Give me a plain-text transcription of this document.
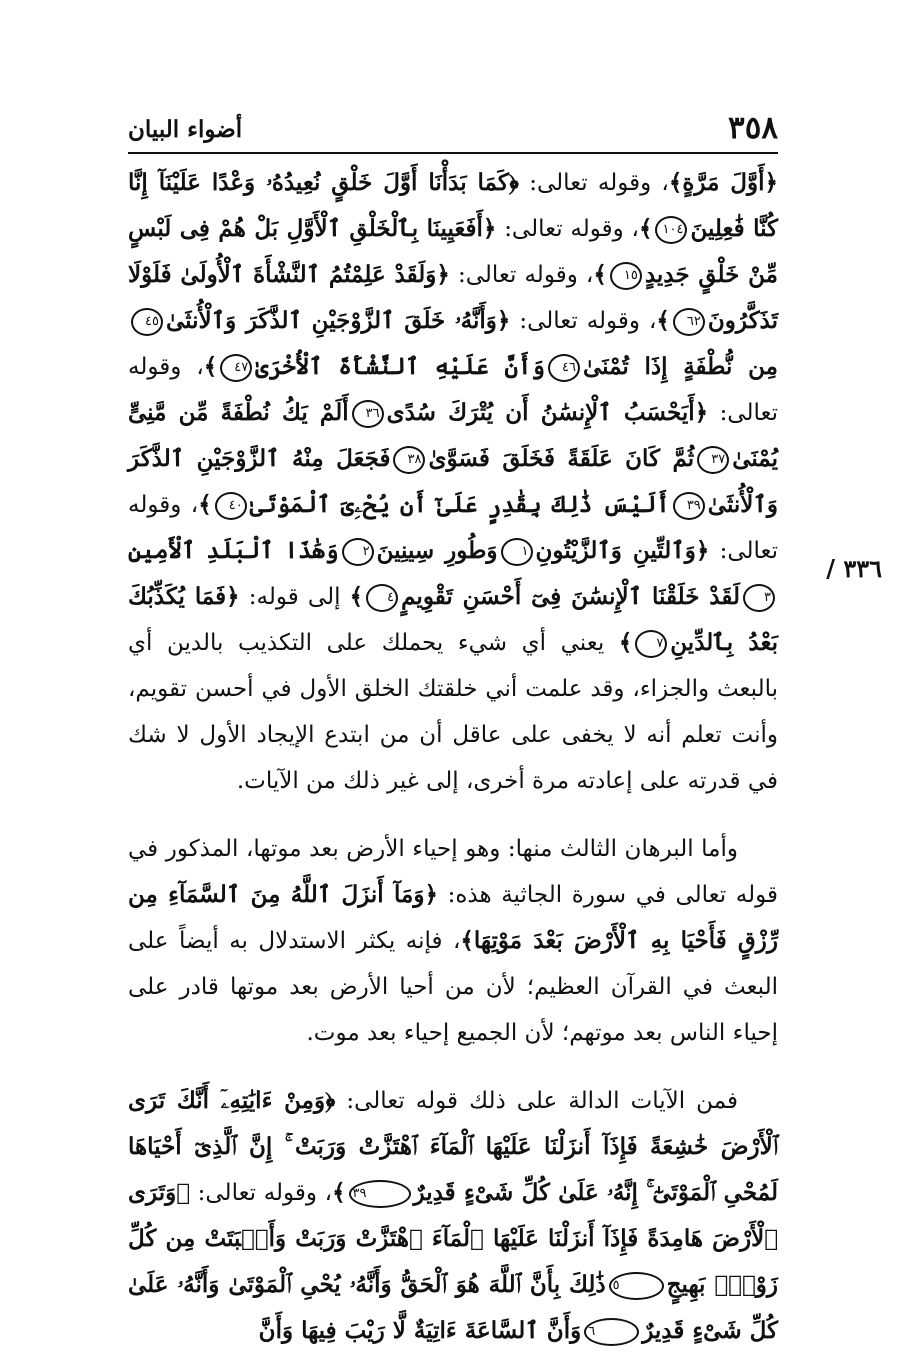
٣٥٨
أضواء البيان
٣٣٦ /

﴿أَوَّلَ مَرَّةٍ﴾، وقوله تعالى: ﴿كَمَا بَدَأْنَا أَوَّلَ خَلْقٍ نُعِيدُهُۥ وَعْدًا عَلَيْنَآ إِنَّا كُنَّا فَٰعِلِينَ١٠٤﴾، وقوله تعالى: ﴿أَفَعَيِينَا بِٱلْخَلْقِ ٱلْأَوَّلِ بَلْ هُمْ فِى لَبْسٍ مِّنْ خَلْقٍ جَدِيدٍ١٥﴾، وقوله تعالى: ﴿وَلَقَدْ عَلِمْتُمُ ٱلنَّشْأَةَ ٱلْأُولَىٰ فَلَوْلَا تَذَكَّرُونَ٦٢﴾، وقوله تعالى: ﴿وَأَنَّهُۥ خَلَقَ ٱلزَّوْجَيْنِ ٱلذَّكَرَ وَٱلْأُنثَىٰ٤٥مِن نُّطْفَةٍ إِذَا تُمْنَىٰ٤٦وَأَنَّ عَلَيْهِ ٱلنَّشْأَةَ ٱلْأُخْرَىٰ٤٧﴾، وقوله تعالى: ﴿أَيَحْسَبُ ٱلْإِنسَٰنُ أَن يُتْرَكَ سُدًى٣٦أَلَمْ يَكُ نُطْفَةً مِّن مَّنِىٍّ يُمْنَىٰ٣٧ثُمَّ كَانَ عَلَقَةً فَخَلَقَ فَسَوَّىٰ٣٨فَجَعَلَ مِنْهُ ٱلزَّوْجَيْنِ ٱلذَّكَرَ وَٱلْأُنثَىٰ٣٩أَلَيْسَ ذَٰلِكَ بِقَٰدِرٍ عَلَىٰٓ أَن يُحْۦِىَ ٱلْمَوْتَىٰ٤٠﴾، وقوله تعالى: ﴿وَٱلتِّينِ وَٱلزَّيْتُونِ١وَطُورِ سِينِينَ٢وَهَٰذَا ٱلْبَلَدِ ٱلْأَمِينِ٣لَقَدْ خَلَقْنَا ٱلْإِنسَٰنَ فِىٓ أَحْسَنِ تَقْوِيمٍ٤﴾ إلى قوله: ﴿فَمَا يُكَذِّبُكَ بَعْدُ بِٱلدِّينِ٧﴾ يعني أي شيء يحملك على التكذيب بالدين أي بالبعث والجزاء، وقد علمت أني خلقتك الخلق الأول في أحسن تقويم، وأنت تعلم أنه لا يخفى على عاقل أن من ابتدع الإيجاد الأول لا شك في قدرته على إعادته مرة أخرى، إلى غير ذلك من الآيات.

وأما البرهان الثالث منها: وهو إحياء الأرض بعد موتها، المذكور في قوله تعالى في سورة الجاثية هذه: ﴿وَمَآ أَنزَلَ ٱللَّهُ مِنَ ٱلسَّمَآءِ مِن رِّزْقٍ فَأَحْيَا بِهِ ٱلْأَرْضَ بَعْدَ مَوْتِهَا﴾، فإنه يكثر الاستدلال به أيضاً على البعث في القرآن العظيم؛ لأن من أحيا الأرض بعد موتها قادر على إحياء الناس بعد موتهم؛ لأن الجميع إحياء بعد موت.

فمن الآيات الدالة على ذلك قوله تعالى: ﴿وَمِنْ ءَايَٰتِهِۦٓ أَنَّكَ تَرَى ٱلْأَرْضَ خَٰشِعَةً فَإِذَآ أَنزَلْنَا عَلَيْهَا ٱلْمَآءَ ٱهْتَزَّتْ وَرَبَتْ ۚ إِنَّ ٱلَّذِىٓ أَحْيَاهَا لَمُحْىِ ٱلْمَوْتَىٰٓ ۚ إِنَّهُۥ عَلَىٰ كُلِّ شَىْءٍ قَدِيرٌ٣٩﴾، وقوله تعالى: ﴿وَتَرَى ٱلْأَرْضَ هَامِدَةً فَإِذَآ أَنزَلْنَا عَلَيْهَا ٱلْمَآءَ ٱهْتَزَّتْ وَرَبَتْ وَأَنۢبَتَتْ مِن كُلِّ زَوْجٍۭ بَهِيجٍ٥ذَٰلِكَ بِأَنَّ ٱللَّهَ هُوَ ٱلْحَقُّ وَأَنَّهُۥ يُحْىِ ٱلْمَوْتَىٰ وَأَنَّهُۥ عَلَىٰ كُلِّ شَىْءٍ قَدِيرٌ٦وَأَنَّ ٱلسَّاعَةَ ءَاتِيَةٌ لَّا رَيْبَ فِيهَا وَأَنَّ
